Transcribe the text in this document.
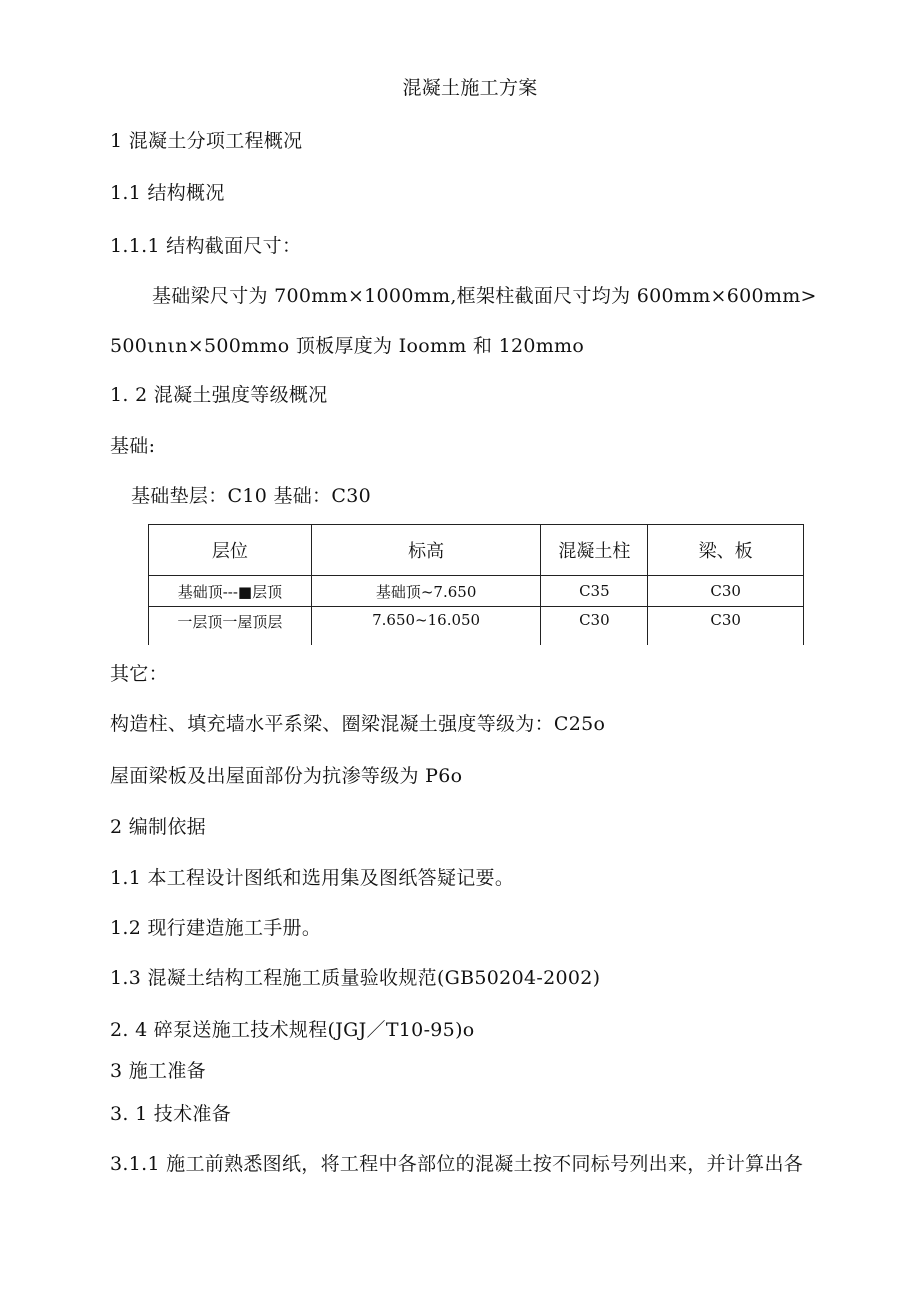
混凝土施工方案
1 混凝土分项工程概况
1.1 结构概况
1.1.1 结构截面尺寸：
基础梁尺寸为 700mm×1000mm,框架柱截面尺寸均为 600mm×600mm>
500ιnιn×500mmo 顶板厚度为 Ioomm 和 120mmo
1. 2 混凝土强度等级概况
基础:
基础垫层：C10 基础：C30
层位	标高	混凝土柱	梁、板
基础顶---■层顶	基础顶~7.650	C35	C30
一层顶一屋顶层	7.650~16.050	C30	C30
其它：
构造柱、填充墙水平系梁、圈梁混凝土强度等级为：C25o
屋面梁板及出屋面部份为抗渗等级为 P6o
2 编制依据
1.1 本工程设计图纸和选用集及图纸答疑记要。
1.2 现行建造施工手册。
1.3 混凝土结构工程施工质量验收规范(GB50204-2002)
2. 4 碎泵送施工技术规程(JGJ／T10-95)o
3 施工准备
3. 1 技术准备
3.1.1 施工前熟悉图纸，将工程中各部位的混凝土按不同标号列出来，并计算出各
